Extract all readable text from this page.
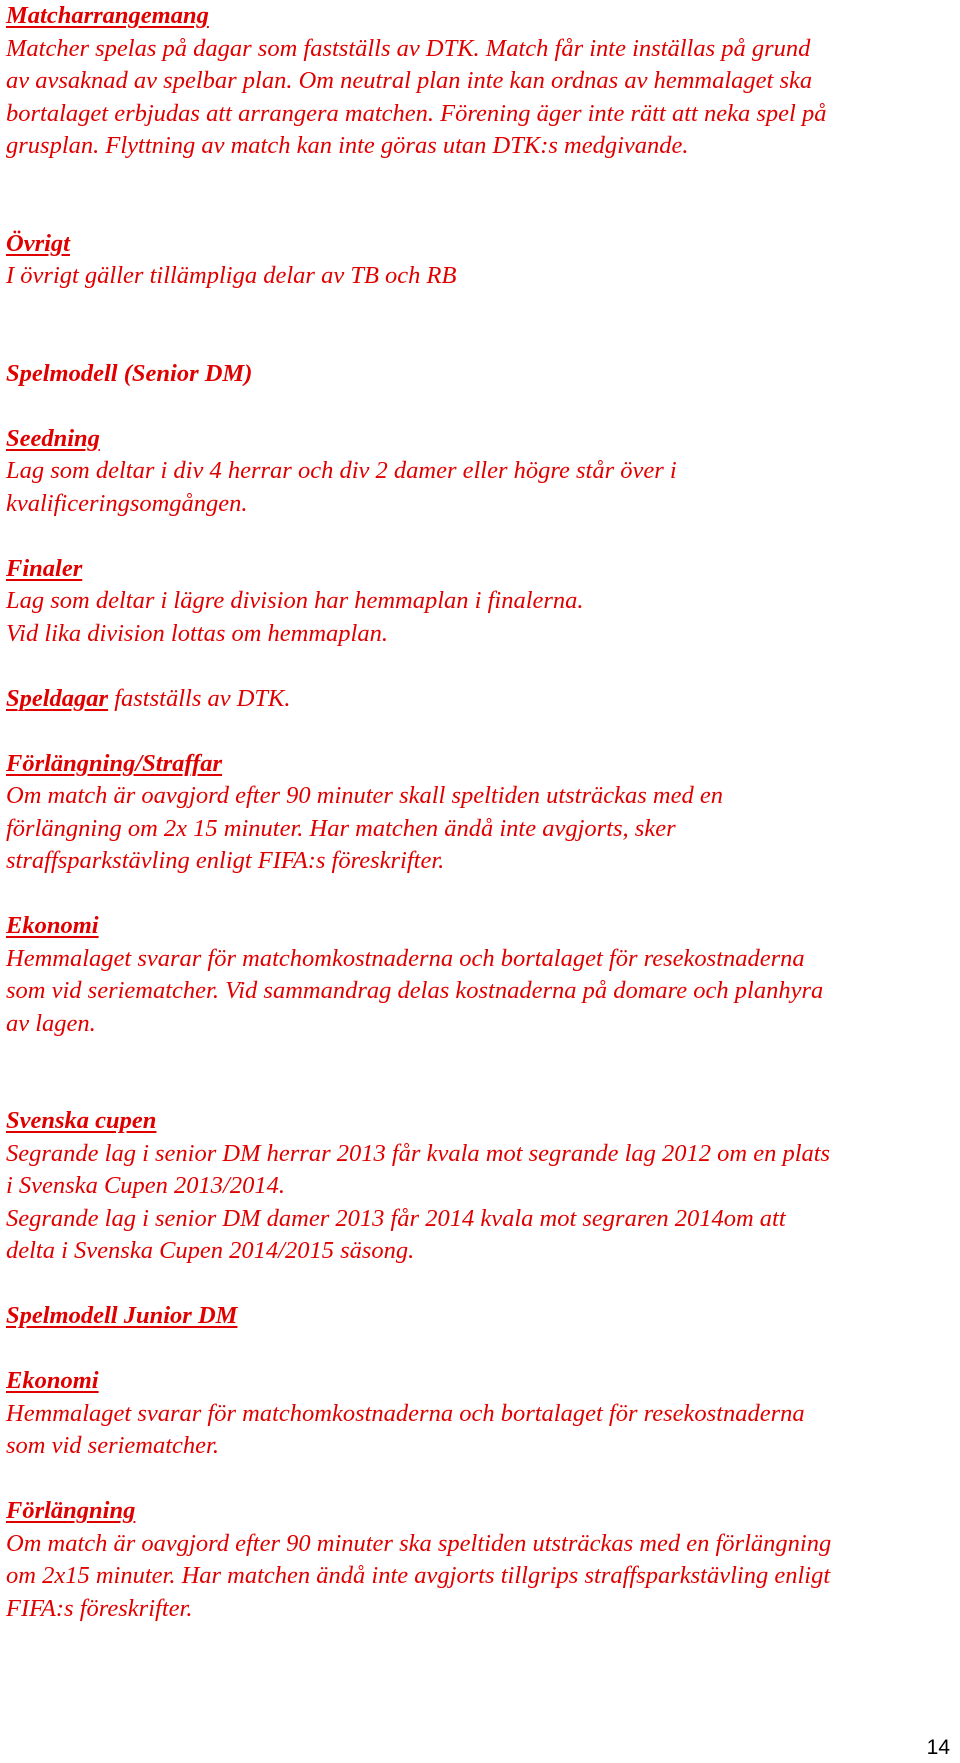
Matcharrangemang
Matcher spelas på dagar som fastställs av DTK. Match får inte inställas på grund
av avsaknad av spelbar plan. Om neutral plan inte kan ordnas av hemmalaget ska
bortalaget erbjudas att arrangera matchen. Förening äger inte rätt att neka spel på
grusplan. Flyttning av match kan inte göras utan DTK:s medgivande.
Övrigt
I övrigt gäller tillämpliga delar av TB och RB
Spelmodell (Senior DM)
Seedning
Lag som deltar i div 4 herrar och div 2 damer eller högre står över i
kvalificeringsomgången.
Finaler
Lag som deltar i lägre division har hemmaplan i finalerna.
Vid lika division lottas om hemmaplan.
Speldagar fastställs av DTK.
Förlängning/Straffar
Om match är oavgjord efter 90 minuter skall speltiden utsträckas med en
förlängning om 2x 15 minuter. Har matchen ändå inte avgjorts, sker
straffsparkstävling enligt FIFA:s föreskrifter.
Ekonomi
Hemmalaget svarar för matchomkostnaderna och bortalaget för resekostnaderna
som vid seriematcher. Vid sammandrag delas kostnaderna på domare och planhyra
av lagen.
Svenska cupen
Segrande lag i senior DM herrar 2013 får kvala mot segrande lag 2012 om en plats
i Svenska Cupen 2013/2014.
Segrande lag i senior DM damer 2013 får 2014 kvala mot segraren 2014om att
delta i Svenska Cupen 2014/2015 säsong.
Spelmodell Junior DM
Ekonomi
Hemmalaget svarar för matchomkostnaderna och bortalaget för resekostnaderna
som vid seriematcher.
Förlängning
Om match är oavgjord efter 90 minuter ska speltiden utsträckas med en förlängning
om 2x15 minuter. Har matchen ändå inte avgjorts tillgrips straffsparkstävling enligt
FIFA:s föreskrifter.
14
